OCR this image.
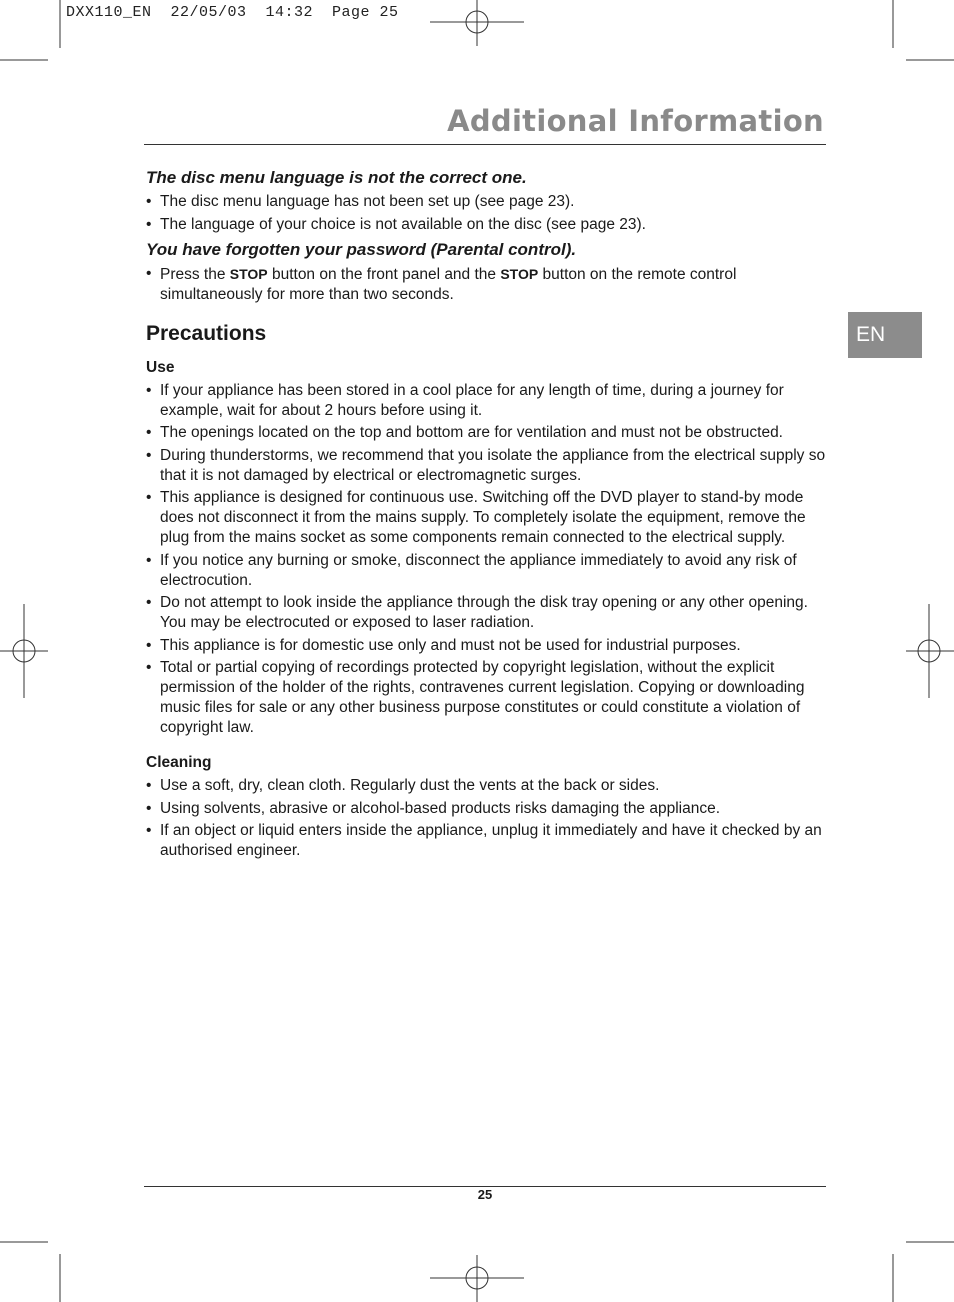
DXX110_EN  22/05/03  14:32  Page 25
Additional Information
EN

The disc menu language is not the correct one.

• The disc menu language has not been set up (see page 23).
• The language of your choice is not available on the disc (see page 23).

You have forgotten your password (Parental control).

• Press the STOP button on the front panel and the STOP button on the remote control simultaneously for more than two seconds.
Precautions
Use
• If your appliance has been stored in a cool place for any length of time, during a journey for example, wait for about 2 hours before using it.
• The openings located on the top and bottom are for ventilation and must not be obstructed.
• During thunderstorms, we recommend that you isolate the appliance from the electrical supply so that it is not damaged by electrical or electromagnetic surges.
• This appliance is designed for continuous use. Switching off the DVD player to stand-by mode does not disconnect it from the mains supply. To completely isolate the equipment, remove the plug from the mains socket as some components remain connected to the electrical supply.
• If you notice any burning or smoke, disconnect the appliance immediately to avoid any risk of electrocution.
• Do not attempt to look inside the appliance through the disk tray opening or any other opening. You may be electrocuted or exposed to laser radiation.
• This appliance is for domestic use only and must not be used for industrial purposes.
• Total or partial copying of recordings protected by copyright legislation, without the explicit permission of the holder of the rights, contravenes current legislation. Copying or downloading music files for sale or any other business purpose constitutes or could constitute a violation of copyright law.
Cleaning
• Use a soft, dry, clean cloth. Regularly dust the vents at the back or sides.
• Using solvents, abrasive or alcohol-based products risks damaging the appliance.
• If an object or liquid enters inside the appliance, unplug it immediately and have it checked by an authorised engineer.
25
